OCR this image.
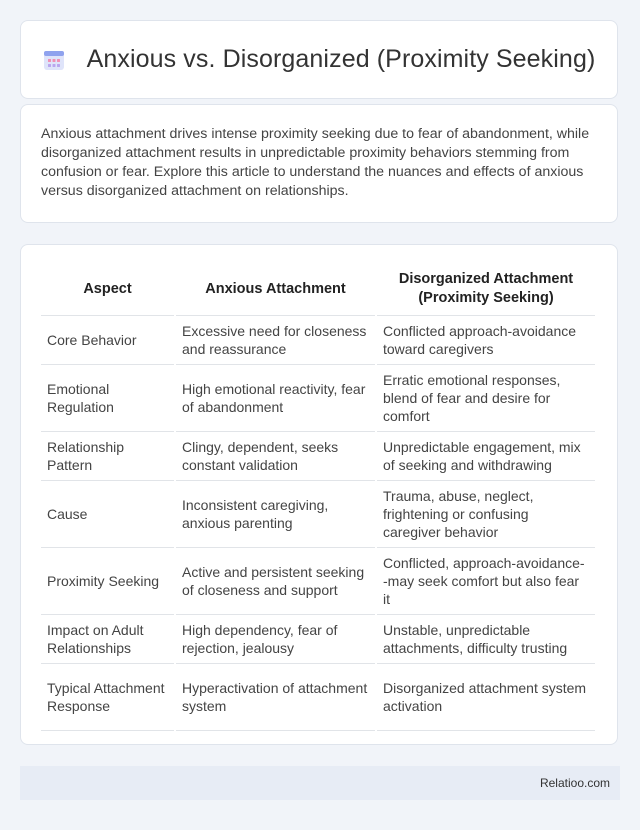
Anxious vs. Disorganized (Proximity Seeking)

Anxious attachment drives intense proximity seeking due to fear of abandonment, while disorganized attachment results in unpredictable proximity behaviors stemming from confusion or fear. Explore this article to understand the nuances and effects of anxious versus disorganized attachment on relationships.

Aspect	Anxious Attachment	Disorganized Attachment (Proximity Seeking)
Core Behavior	Excessive need for closeness and reassurance	Conflicted approach-avoidance toward caregivers
Emotional Regulation	High emotional reactivity, fear of abandonment	Erratic emotional responses, blend of fear and desire for comfort
Relationship Pattern	Clingy, dependent, seeks constant validation	Unpredictable engagement, mix of seeking and withdrawing
Cause	Inconsistent caregiving, anxious parenting	Trauma, abuse, neglect, frightening or confusing caregiver behavior
Proximity Seeking	Active and persistent seeking of closeness and support	Conflicted, approach-avoidance--may seek comfort but also fear it
Impact on Adult Relationships	High dependency, fear of rejection, jealousy	Unstable, unpredictable attachments, difficulty trusting
Typical Attachment Response	Hyperactivation of attachment system	Disorganized attachment system activation
Relatioo.com
